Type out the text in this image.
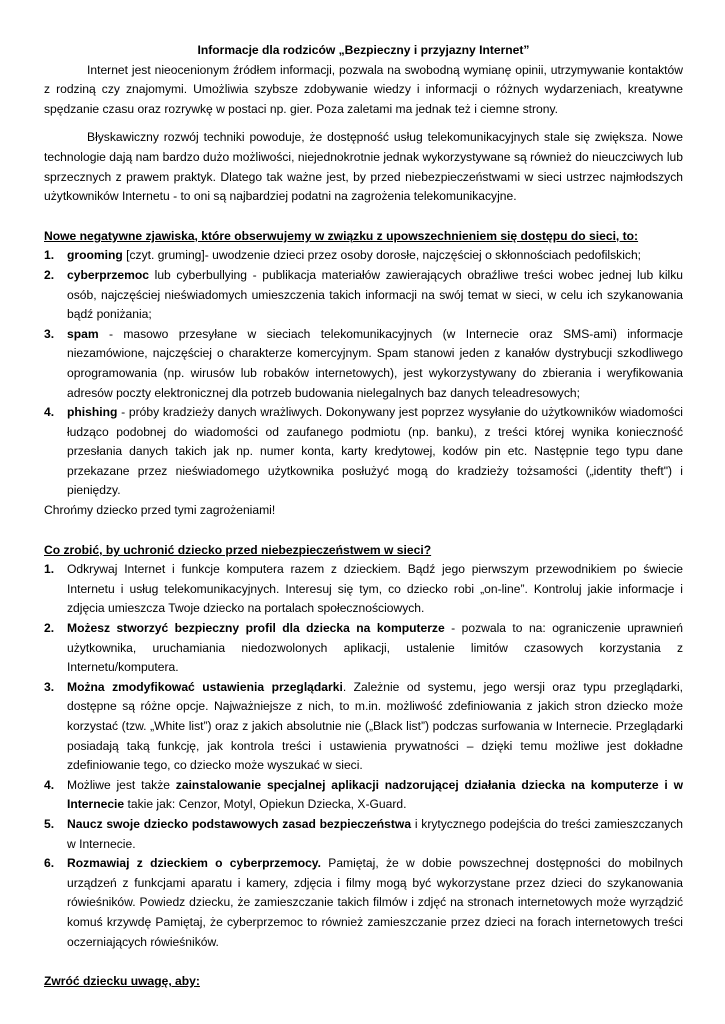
Informacje dla rodziców „Bezpieczny i przyjazny Internet”

Internet jest nieocenionym źródłem informacji, pozwala na swobodną wymianę opinii, utrzymywanie kontaktów z rodziną czy znajomymi. Umożliwia szybsze zdobywanie wiedzy i informacji o różnych wydarzeniach, kreatywne spędzanie czasu oraz rozrywkę w postaci np. gier. Poza zaletami ma jednak też i ciemne strony.

Błyskawiczny rozwój techniki powoduje, że dostępność usług telekomunikacyjnych stale się zwiększa. Nowe technologie dają nam bardzo dużo możliwości, niejednokrotnie jednak wykorzystywane są również do nieuczciwych lub sprzecznych z prawem praktyk. Dlatego tak ważne jest, by przed niebezpieczeństwami w sieci ustrzec najmłodszych użytkowników Internetu - to oni są najbardziej podatni na zagrożenia telekomunikacyjne.

Nowe negatywne zjawiska, które obserwujemy w związku z upowszechnieniem się dostępu do sieci, to:

1. grooming [czyt. gruming]- uwodzenie dzieci przez osoby dorosłe, najczęściej o skłonnościach pedofilskich;
2. cyberprzemoc lub cyberbullying - publikacja materiałów zawierających obraźliwe treści wobec jednej lub kilku osób, najczęściej nieświadomych umieszczenia takich informacji na swój temat w sieci, w celu ich szykanowania bądź poniżania;
3. spam - masowo przesyłane w sieciach telekomunikacyjnych (w Internecie oraz SMS-ami) informacje niezamówione, najczęściej o charakterze komercyjnym. Spam stanowi jeden z kanałów dystrybucji szkodliwego oprogramowania (np. wirusów lub robaków internetowych), jest wykorzystywany do zbierania i weryfikowania adresów poczty elektronicznej dla potrzeb budowania nielegalnych baz danych teleadresowych;
4. phishing - próby kradzieży danych wrażliwych. Dokonywany jest poprzez wysyłanie do użytkowników wiadomości łudząco podobnej do wiadomości od zaufanego podmiotu (np. banku), z treści której wynika konieczność przesłania danych takich jak np. numer konta, karty kredytowej, kodów pin etc. Następnie tego typu dane przekazane przez nieświadomego użytkownika posłużyć mogą do kradzieży tożsamości („identity theft") i pieniędzy.

Chrońmy dziecko przed tymi zagrożeniami!

Co zrobić, by uchronić dziecko przed niebezpieczeństwem w sieci?

1. Odkrywaj Internet i funkcje komputera razem z dzieckiem. Bądź jego pierwszym przewodnikiem po świecie Internetu i usług telekomunikacyjnych. Interesuj się tym, co dziecko robi „on-line”. Kontroluj jakie informacje i zdjęcia umieszcza Twoje dziecko na portalach społecznościowych.
2. Możesz stworzyć bezpieczny profil dla dziecka na komputerze - pozwala to na: ograniczenie uprawnień użytkownika, uruchamiania niedozwolonych aplikacji, ustalenie limitów czasowych korzystania z Internetu/komputera.
3. Można zmodyfikować ustawienia przeglądarki. Zależnie od systemu, jego wersji oraz typu przeglądarki, dostępne są różne opcje. Najważniejsze z nich, to m.in. możliwość zdefiniowania z jakich stron dziecko może korzystać (tzw. „White list”) oraz z jakich absolutnie nie („Black list”) podczas surfowania w Internecie. Przeglądarki posiadają taką funkcję, jak kontrola treści i ustawienia prywatności – dzięki temu możliwe jest dokładne zdefiniowanie tego, co dziecko może wyszukać w sieci.
4. Możliwe jest także zainstalowanie specjalnej aplikacji nadzorującej działania dziecka na komputerze i w Internecie takie jak: Cenzor, Motyl, Opiekun Dziecka, X-Guard.
5. Naucz swoje dziecko podstawowych zasad bezpieczeństwa i krytycznego podejścia do treści zamieszczanych w Internecie.
6. Rozmawiaj z dzieckiem o cyberprzemocy. Pamiętaj, że w dobie powszechnej dostępności do mobilnych urządzeń z funkcjami aparatu i kamery, zdjęcia i filmy mogą być wykorzystane przez dzieci do szykanowania rówieśników. Powiedz dziecku, że zamieszczanie takich filmów i zdjęć na stronach internetowych może wyrządzić komuś krzywdę Pamiętaj, że cyberprzemoc to również zamieszczanie przez dzieci na forach internetowych treści oczerniających rówieśników.

Zwróć dziecku uwagę, aby:
